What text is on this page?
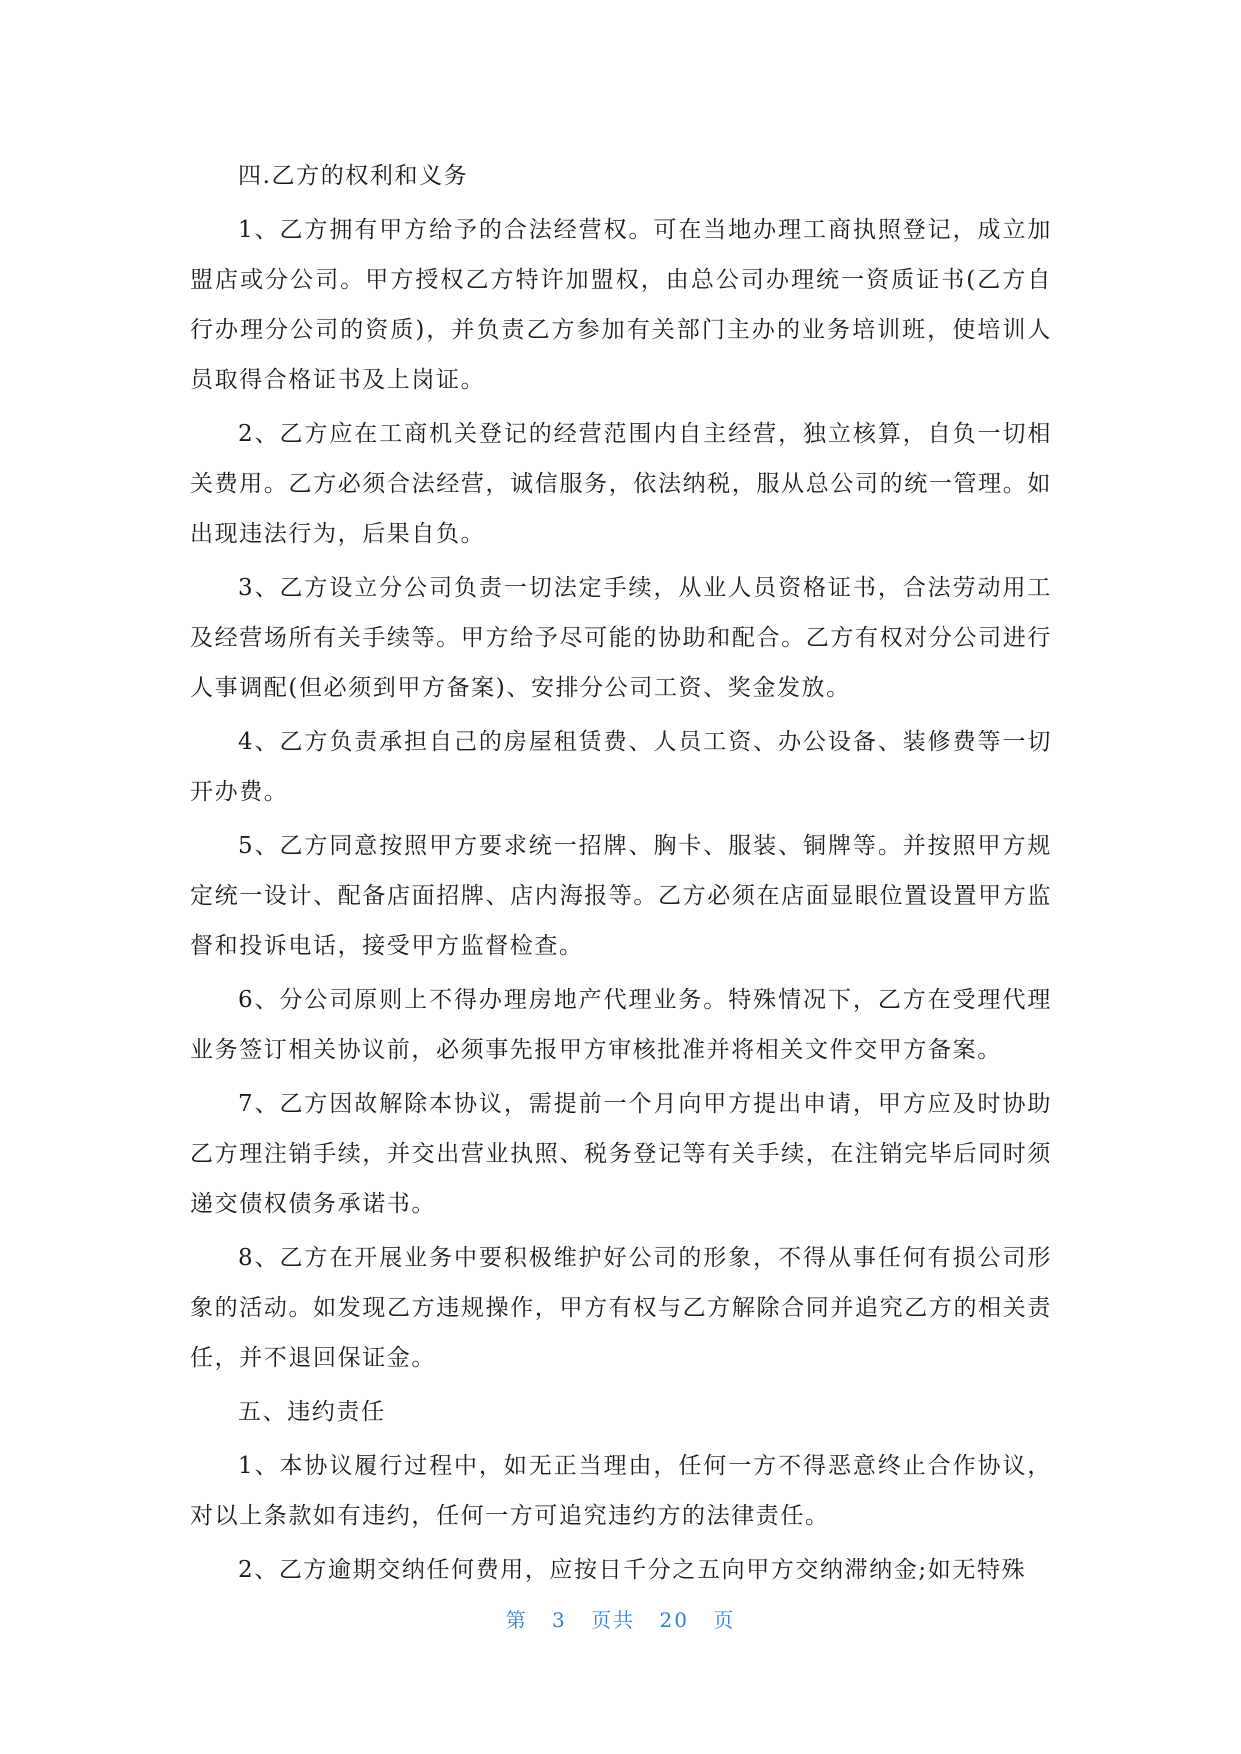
四.乙方的权利和义务

1、乙方拥有甲方给予的合法经营权。可在当地办理工商执照登记，成立加盟店或分公司。甲方授权乙方特许加盟权，由总公司办理统一资质证书(乙方自行办理分公司的资质)，并负责乙方参加有关部门主办的业务培训班，使培训人员取得合格证书及上岗证。

2、乙方应在工商机关登记的经营范围内自主经营，独立核算，自负一切相关费用。乙方必须合法经营，诚信服务，依法纳税，服从总公司的统一管理。如出现违法行为，后果自负。

3、乙方设立分公司负责一切法定手续，从业人员资格证书，合法劳动用工及经营场所有关手续等。甲方给予尽可能的协助和配合。乙方有权对分公司进行人事调配(但必须到甲方备案)、安排分公司工资、奖金发放。

4、乙方负责承担自己的房屋租赁费、人员工资、办公设备、装修费等一切开办费。

5、乙方同意按照甲方要求统一招牌、胸卡、服装、铜牌等。并按照甲方规定统一设计、配备店面招牌、店内海报等。乙方必须在店面显眼位置设置甲方监督和投诉电话，接受甲方监督检查。

6、分公司原则上不得办理房地产代理业务。特殊情况下，乙方在受理代理业务签订相关协议前，必须事先报甲方审核批准并将相关文件交甲方备案。

7、乙方因故解除本协议，需提前一个月向甲方提出申请，甲方应及时协助乙方理注销手续，并交出营业执照、税务登记等有关手续，在注销完毕后同时须递交债权债务承诺书。

8、乙方在开展业务中要积极维护好公司的形象，不得从事任何有损公司形象的活动。如发现乙方违规操作，甲方有权与乙方解除合同并追究乙方的相关责任，并不退回保证金。

五、违约责任

1、本协议履行过程中，如无正当理由，任何一方不得恶意终止合作协议，对以上条款如有违约，任何一方可追究违约方的法律责任。

2、乙方逾期交纳任何费用，应按日千分之五向甲方交纳滞纳金;如无特殊

第 3 页共 20 页
